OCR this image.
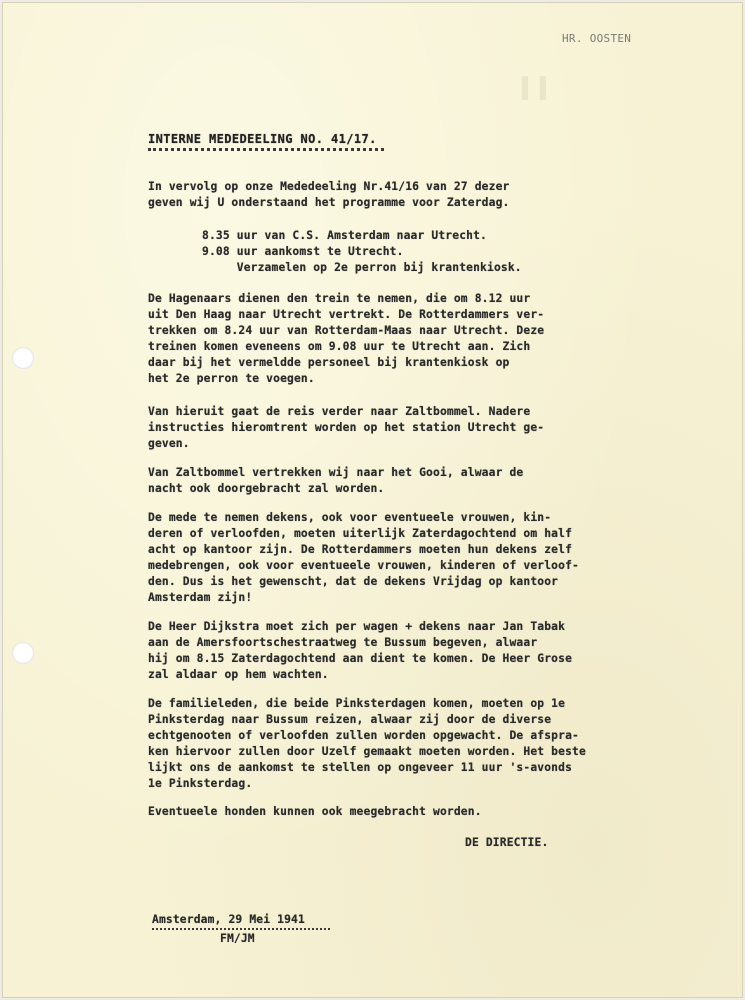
▌▌
HR. OOSTEN
INTERNE MEDEDEELING NO. 41/17.
In vervolg op onze Mededeeling Nr.41/16 van 27 dezer
geven wij U onderstaand het programme voor Zaterdag.
8.35 uur van C.S. Amsterdam naar Utrecht.
9.08 uur aankomst te Utrecht.
Verzamelen op 2e perron bij krantenkiosk.
De Hagenaars dienen den trein te nemen, die om 8.12 uur
uit Den Haag naar Utrecht vertrekt. De Rotterdammers ver-
trekken om 8.24 uur van Rotterdam-Maas naar Utrecht. Deze
treinen komen eveneens om 9.08 uur te Utrecht aan. Zich
daar bij het vermeldde personeel bij krantenkiosk op
het 2e perron te voegen.
Van hieruit gaat de reis verder naar Zaltbommel. Nadere
instructies hieromtrent worden op het station Utrecht ge-
geven.
Van Zaltbommel vertrekken wij naar het Gooi, alwaar de
nacht ook doorgebracht zal worden.
De mede te nemen dekens, ook voor eventueele vrouwen, kin-
deren of verloofden, moeten uiterlijk Zaterdagochtend om half
acht op kantoor zijn. De Rotterdammers moeten hun dekens zelf
medebrengen, ook voor eventueele vrouwen, kinderen of verloof-
den. Dus is het gewenscht, dat de dekens Vrijdag op kantoor
Amsterdam zijn!
De Heer Dijkstra moet zich per wagen + dekens naar Jan Tabak
aan de Amersfoortschestraatweg te Bussum begeven, alwaar
hij om 8.15 Zaterdagochtend aan dient te komen. De Heer Grose
zal aldaar op hem wachten.
De familieleden, die beide Pinksterdagen komen, moeten op 1e
Pinksterdag naar Bussum reizen, alwaar zij door de diverse
echtgenooten of verloofden zullen worden opgewacht. De afspra-
ken hiervoor zullen door Uzelf gemaakt moeten worden. Het beste
lijkt ons de aankomst te stellen op ongeveer 11 uur 's-avonds
1e Pinksterdag.
Eventueele honden kunnen ook meegebracht worden.
DE DIRECTIE.
Amsterdam, 29 Mei 1941
FM/JM
